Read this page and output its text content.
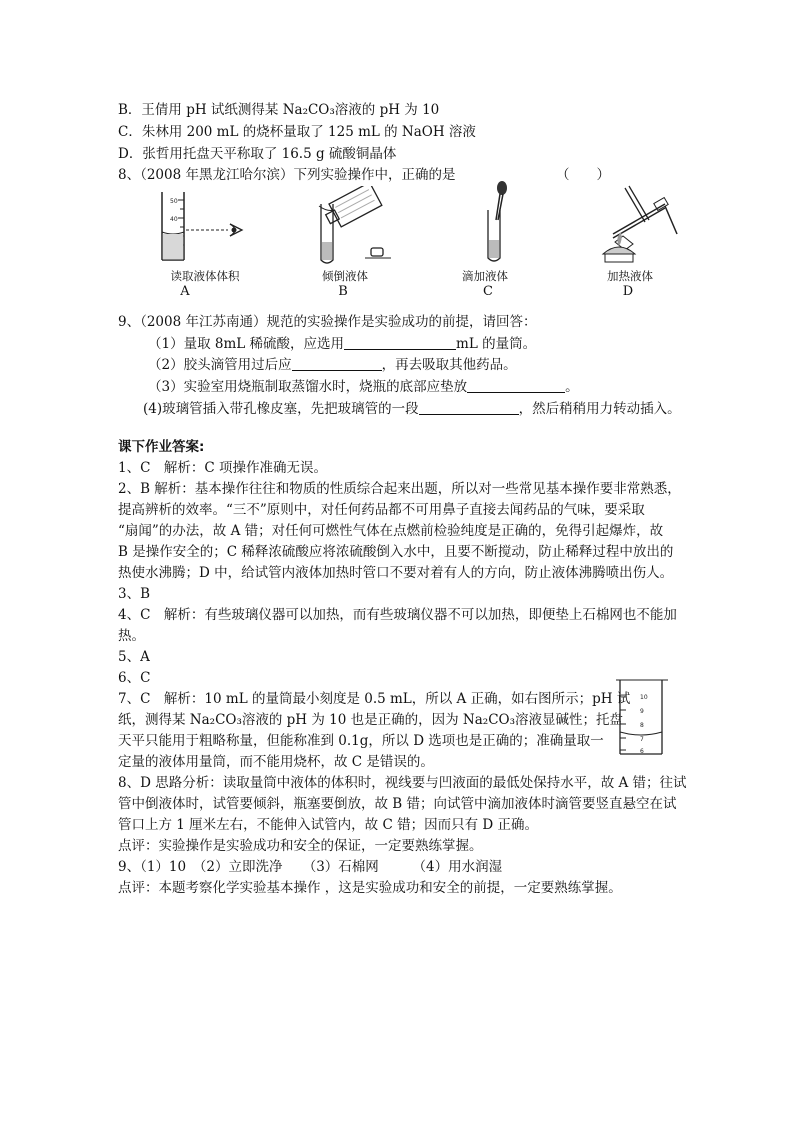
B．王倩用 pH 试纸测得某 Na₂CO₃溶液的 pH 为 10
C．朱林用 200 mL 的烧杯量取了 125 mL 的 NaOH 溶液
D．张哲用托盘天平称取了 16.5 g 硫酸铜晶体
8、（2008 年黑龙江哈尔滨）下列实验操作中，正确的是	（　　）
50
40
读取液体体积
A
倾倒液体
B
滴加液体
C
加热液体
D
9、（2008 年江苏南通）规范的实验操作是实验成功的前提，请回答：
（1）量取 8mL 稀硫酸，应选用	mL 的量筒。
（2）胶头滴管用过后应	，再去吸取其他药品。
（3）实验室用烧瓶制取蒸馏水时，烧瓶的底部应垫放	。
(4)玻璃管插入带孔橡皮塞，先把玻璃管的一段	，然后稍稍用力转动插入。
课下作业答案:
1、C　解析：C 项操作准确无误。
2、B 解析：基本操作往往和物质的性质综合起来出题，所以对一些常见基本操作要非常熟悉，
提高辨析的效率。“三不”原则中，对任何药品都不可用鼻子直接去闻药品的气味，要采取
“扇闻”的办法，故 A 错；对任何可燃性气体在点燃前检验纯度是正确的，免得引起爆炸，故
B 是操作安全的；C 稀释浓硫酸应将浓硫酸倒入水中，且要不断搅动，防止稀释过程中放出的
热使水沸腾；D 中，给试管内液体加热时管口不要对着有人的方向，防止液体沸腾喷出伤人。
3、B
4、C　解析：有些玻璃仪器可以加热，而有些玻璃仪器不可以加热，即便垫上石棉网也不能加
热。
5、A
6、C
7、C　解析：10 mL 的量筒最小刻度是 0.5 mL，所以 A 正确，如右图所示；pH 试
纸，测得某 Na₂CO₃溶液的 pH 为 10 也是正确的，因为 Na₂CO₃溶液显碱性；托盘
天平只能用于粗略称量，但能称准到 0.1g，所以 D 选项也是正确的；准确量取一
定量的液体用量筒，而不能用烧杯，故 C 是错误的。
10
9
8
7
6
8、D 思路分析：读取量筒中液体的体积时，视线要与凹液面的最低处保持水平，故 A 错；往试
管中倒液体时，试管要倾斜，瓶塞要倒放，故 B 错；向试管中滴加液体时滴管要竖直悬空在试
管口上方 1 厘米左右，不能伸入试管内，故 C 错；因而只有 D 正确。
点评：实验操作是实验成功和安全的保证，一定要熟练掌握。
9、（1）10　（2）立即洗净　　（3）石棉网　　　（4）用水润湿
点评：本题考察化学实验基本操作 ，这是实验成功和安全的前提，一定要熟练掌握。
